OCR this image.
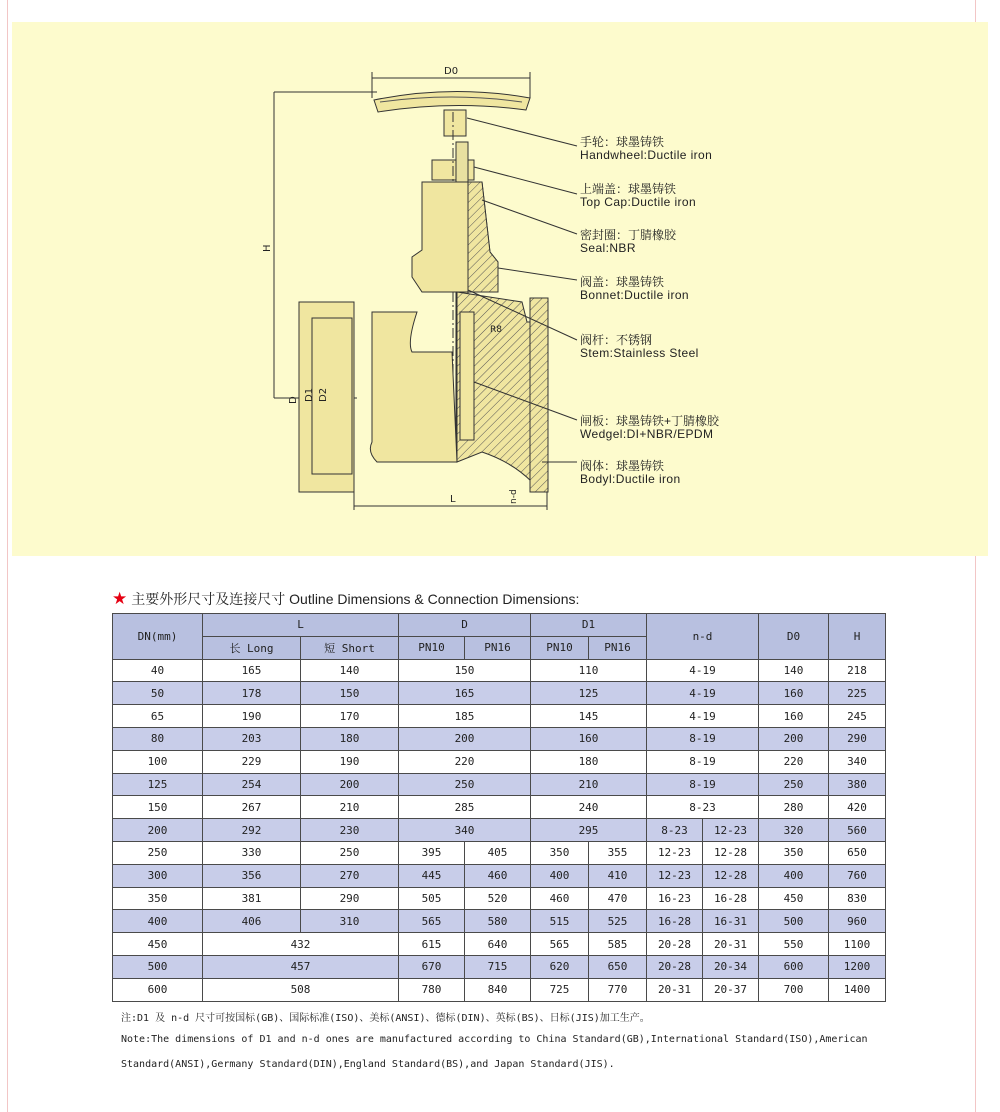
D0
H
D D1 D2
L	n-d
R8
手轮：球墨铸铁
Handwheel:Ductile iron
上端盖：球墨铸铁
Top Cap:Ductile iron
密封圈：丁腈橡胶
Seal:NBR
阀盖：球墨铸铁
Bonnet:Ductile iron
阀杆：不锈钢
Stem:Stainless Steel
闸板：球墨铸铁+丁腈橡胶
Wedgel:DI+NBR/EPDM
阀体：球墨铸铁
Bodyl:Ductile iron
★ 主要外形尺寸及连接尺寸 Outline Dimensions & Connection Dimensions:
DN(mm)	L		D		D1		n-d		D0	H
	长 Long	短 Short	PN10	PN16	PN10	PN16				
40	165	140	150		110		4-19		140	218
50	178	150	165		125		4-19		160	225
65	190	170	185		145		4-19		160	245
80	203	180	200		160		8-19		200	290
100	229	190	220		180		8-19		220	340
125	254	200	250		210		8-19		250	380
150	267	210	285		240		8-23		280	420
200	292	230	340		295		8-23	12-23	320	560
250	330	250	395	405	350	355	12-23	12-28	350	650
300	356	270	445	460	400	410	12-23	12-28	400	760
350	381	290	505	520	460	470	16-23	16-28	450	830
400	406	310	565	580	515	525	16-28	16-31	500	960
450	432		615	640	565	585	20-28	20-31	550	1100
500	457		670	715	620	650	20-28	20-34	600	1200
600	508		780	840	725	770	20-31	20-37	700	1400
注:D1 及 n-d 尺寸可按国标(GB)、国际标准(ISO)、美标(ANSI)、德标(DIN)、英标(BS)、日标(JIS)加工生产。
Note:The dimensions of D1 and n-d ones are manufactured according to China Standard(GB),International Standard(ISO),American
Standard(ANSI),Germany Standard(DIN),England Standard(BS),and Japan Standard(JIS).
